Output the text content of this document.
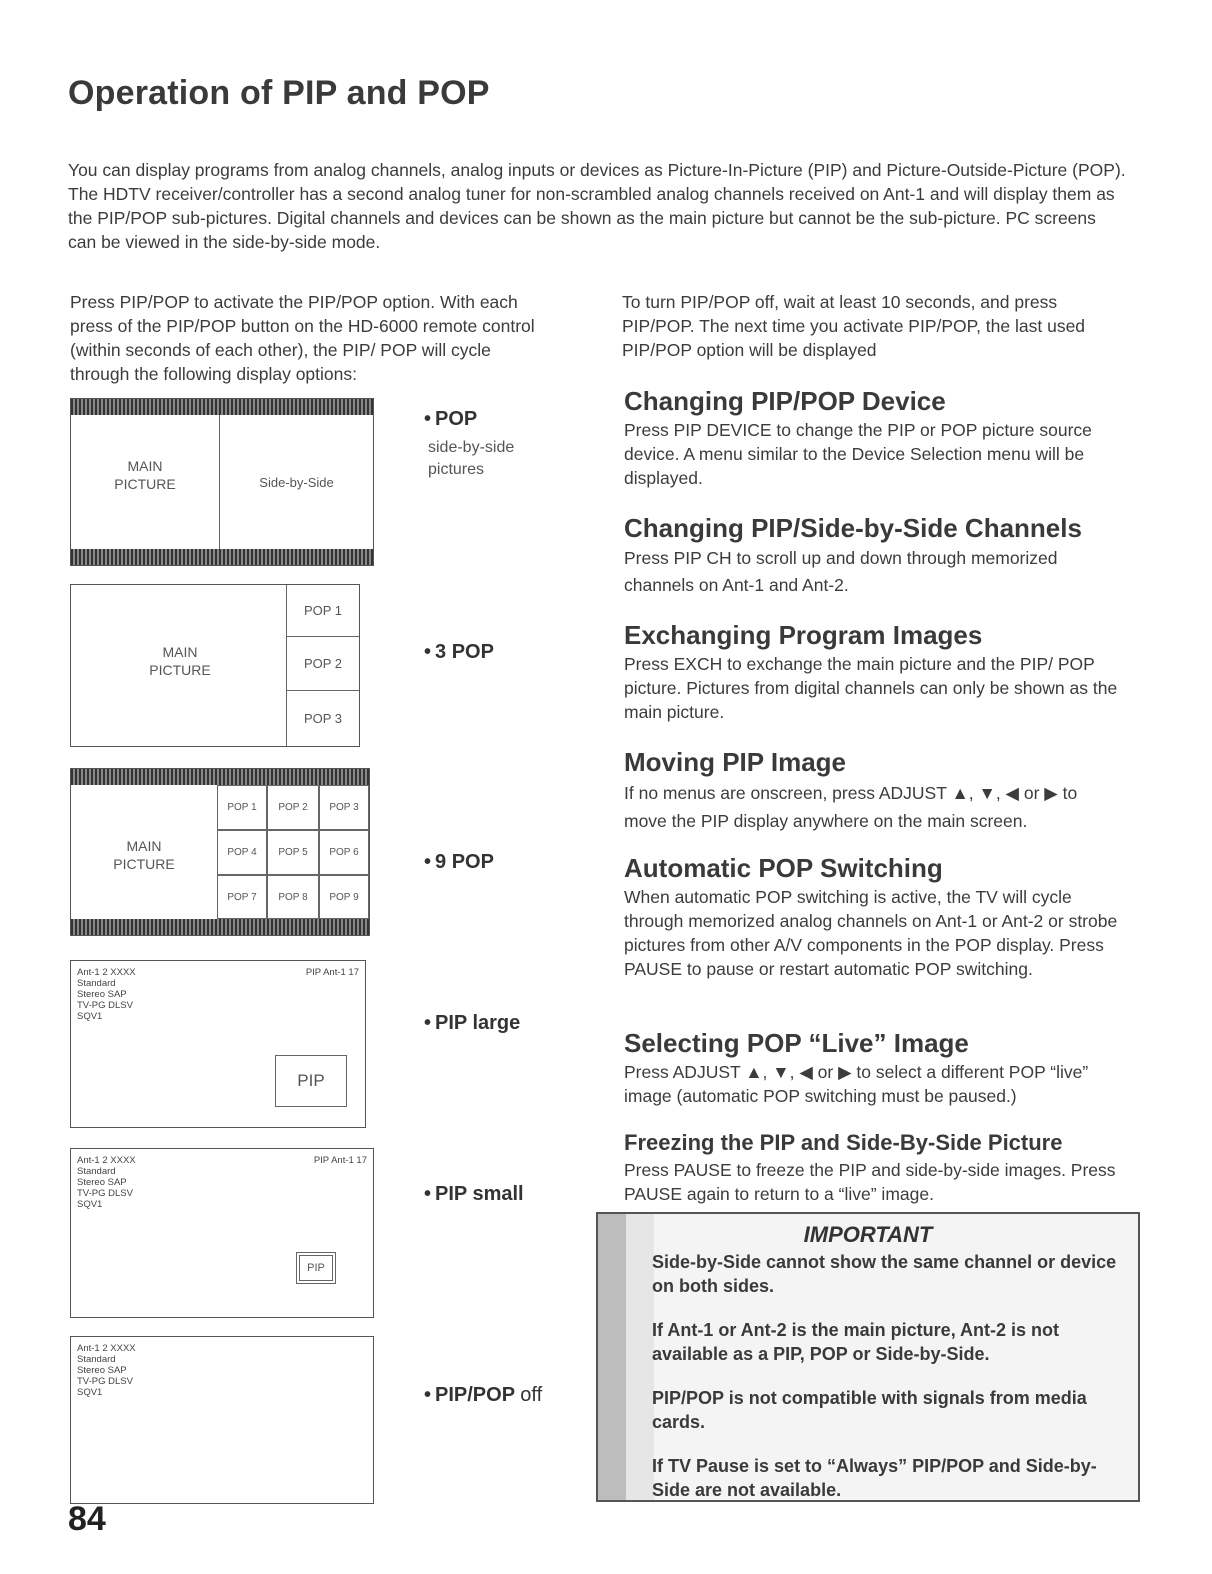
Operation of PIP and POP

You can display programs from analog channels, analog inputs or devices as Picture-In-Picture (PIP) and Picture-Outside-Picture (POP). The HDTV receiver/controller has a second analog tuner for non-scrambled analog channels received on Ant-1 and will display them as the PIP/POP sub-pictures. Digital channels and devices can be shown as the main picture but cannot be the sub-picture. PC screens can be viewed in the side-by-side mode.

Press PIP/POP to activate the PIP/POP option. With each press of the PIP/POP button on the HD-6000 remote control (within seconds of each other), the PIP/ POP will cycle through the following display options:

To turn PIP/POP off, wait at least 10 seconds, and press PIP/POP. The next time you activate PIP/POP, the last used PIP/POP option will be displayed

MAIN
PICTURE	Side-by-Side
• POP
side-by-side
pictures
MAIN
PICTURE
POP 1
POP 2
POP 3
• 3 POP
MAIN
PICTURE
POP 1	POP 2	POP 3
POP 4	POP 5	POP 6
POP 7	POP 8	POP 9
• 9 POP
Ant-1 2 XXXX
Standard
Stereo SAP
TV-PG DLSV
SQV1
PIP Ant-1 17
PIP
• PIP large
Ant-1 2 XXXX
Standard
Stereo SAP
TV-PG DLSV
SQV1
PIP Ant-1 17
PIP
• PIP small
Ant-1 2 XXXX
Standard
Stereo SAP
TV-PG DLSV
SQV1	• PIP/POP off
Changing PIP/POP Device

Press PIP DEVICE to change the PIP or POP picture source device. A menu similar to the Device Selection menu will be displayed.

Changing PIP/Side-by-Side Channels

Press PIP CH to scroll up and down through memorized channels on Ant-1 and Ant-2.

Exchanging Program Images

Press EXCH to exchange the main picture and the PIP/ POP picture. Pictures from digital channels can only be shown as the main picture.

Moving PIP Image

If no menus are onscreen, press ADJUST ▲, ▼, ◀ or ▶ to move the PIP display anywhere on the main screen.

Automatic POP Switching

When automatic POP switching is active, the TV will cycle through memorized analog channels on Ant-1 or Ant-2 or strobe pictures from other A/V components in the POP display. Press PAUSE to pause or restart automatic POP switching.

Selecting POP “Live” Image

Press ADJUST ▲, ▼, ◀ or ▶ to select a different POP “live” image (automatic POP switching must be paused.)

Freezing the PIP and Side-By-Side Picture

Press PAUSE to freeze the PIP and side-by-side images. Press PAUSE again to return to a “live” image.

IMPORTANT
Side-by-Side cannot show the same channel or device on both sides.
If Ant-1 or Ant-2 is the main picture, Ant-2 is not available as a PIP, POP or Side-by-Side.
PIP/POP is not compatible with signals from media cards.
If TV Pause is set to “Always” PIP/POP and Side-by-Side are not available.
84
